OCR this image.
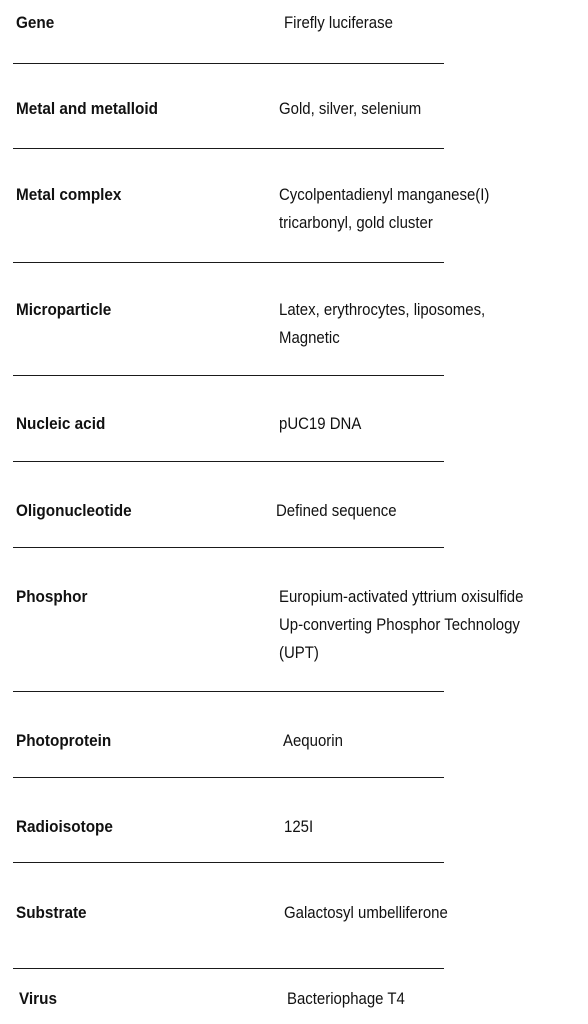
Gene	Firefly luciferase
Metal and metalloid	Gold, silver, selenium
Metal complex	Cycolpentadienyl manganese(I)
tricarbonyl, gold cluster
Microparticle	Latex, erythrocytes, liposomes,
Magnetic
Nucleic acid	pUC19 DNA
Oligonucleotide	Defined sequence
Phosphor	Europium-activated yttrium oxisulfide
Up-converting Phosphor Technology
(UPT)
Photoprotein	Aequorin
Radioisotope	125I
Substrate	Galactosyl umbelliferone
Virus	Bacteriophage T4
